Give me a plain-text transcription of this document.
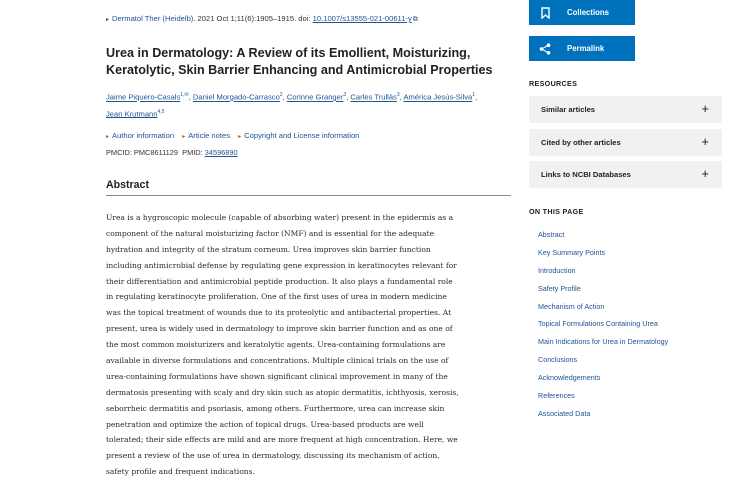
▸ Dermatol Ther (Heidelb). 2021 Oct 1;11(6):1905–1915. doi: 10.1007/s13555-021-00611-y⧉
Urea in Dermatology: A Review of its Emollient, Moisturizing, Keratolytic, Skin Barrier Enhancing and Antimicrobial Properties
Jaime Piquero-Casals$^{1,✉}$, Daniel Morgado-Carrasco$^2$, Corinne Granger$^3$, Carles Trullàs$^3$, América Jesús-Silva$^1$,
Jean Krutmann$^{4,5}$
▸ Author information ▸ Article notes ▸ Copyright and License information
PMCID: PMC8611129 PMID: 34596890
Abstract
Urea is a hygroscopic molecule (capable of absorbing water) present in the epidermis as a
component of the natural moisturizing factor (NMF) and is essential for the adequate
hydration and integrity of the stratum corneum. Urea improves skin barrier function
including antimicrobial defense by regulating gene expression in keratinocytes relevant for
their differentiation and antimicrobial peptide production. It also plays a fundamental role
in regulating keratinocyte proliferation. One of the first uses of urea in modern medicine
was the topical treatment of wounds due to its proteolytic and antibacterial properties. At
present, urea is widely used in dermatology to improve skin barrier function and as one of
the most common moisturizers and keratolytic agents. Urea-containing formulations are
available in diverse formulations and concentrations. Multiple clinical trials on the use of
urea-containing formulations have shown significant clinical improvement in many of the
dermatosis presenting with scaly and dry skin such as atopic dermatitis, ichthyosis, xerosis,
seborrheic dermatitis and psoriasis, among others. Furthermore, urea can increase skin
penetration and optimize the action of topical drugs. Urea-based products are well
tolerated; their side effects are mild and are more frequent at high concentration. Here, we
present a review of the use of urea in dermatology, discussing its mechanism of action,
safety profile and frequent indications.
Collections
Permalink
RESOURCES
Similar articles	+
Cited by other articles	+
Links to NCBI Databases	+
ON THIS PAGE
Abstract
Key Summary Points
Introduction
Safety Profile
Mechanism of Action
Topical Formulations Containing Urea
Main Indications for Urea in Dermatology
Conclusions
Acknowledgements
References
Associated Data
